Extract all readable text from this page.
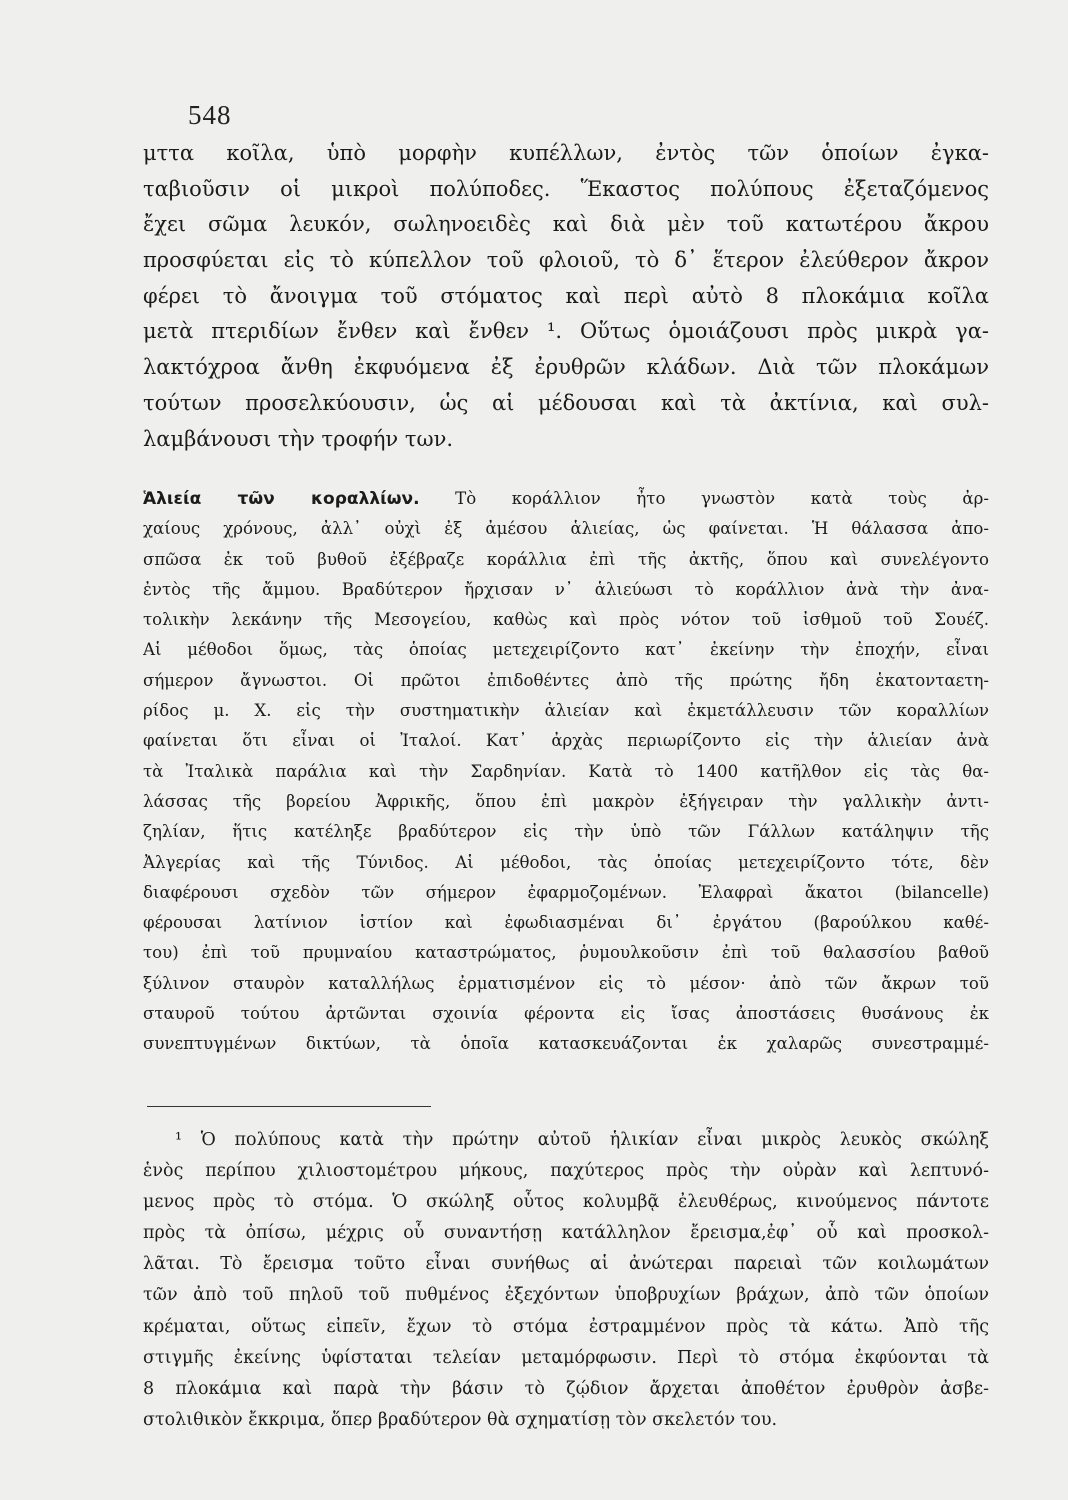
548
μττα κοῖλα, ὑπὸ μορφὴν κυπέλλων, ἐντὸς τῶν ὁποίων ἐγκα-
ταβιοῦσιν οἱ μικροὶ πολύποδες. Ἕκαστος πολύπους ἐξεταζόμενος
ἔχει σῶμα λευκόν, σωληνοειδὲς καὶ διὰ μὲν τοῦ κατωτέρου ἄκρου
προσφύεται εἰς τὸ κύπελλον τοῦ φλοιοῦ, τὸ δ᾽ ἕτερον ἐλεύθερον ἄκρον
φέρει τὸ ἄνοιγμα τοῦ στόματος καὶ περὶ αὐτὸ 8 πλοκάμια κοῖλα
μετὰ πτεριδίων ἔνθεν καὶ ἔνθεν ¹. Οὕτως ὁμοιάζουσι πρὸς μικρὰ γα-
λακτόχροα ἄνθη ἐκφυόμενα ἐξ ἐρυθρῶν κλάδων. Διὰ τῶν πλοκάμων
τούτων προσελκύουσιν, ὡς αἱ μέδουσαι καὶ τὰ ἀκτίνια, καὶ συλ-
λαμβάνουσι τὴν τροφήν των.
Ἁλιεία τῶν κοραλλίων. Τὸ κοράλλιον ἦτο γνωστὸν κατὰ τοὺς ἀρ-
χαίους χρόνους, ἀλλ᾽ οὐχὶ ἐξ ἀμέσου ἁλιείας, ὡς φαίνεται. Ἡ θάλασσα ἀπο-
σπῶσα ἐκ τοῦ βυθοῦ ἐξέβραζε κοράλλια ἐπὶ τῆς ἀκτῆς, ὅπου καὶ συνελέγοντο
ἐντὸς τῆς ἄμμου. Βραδύτερον ἤρχισαν ν᾽ ἁλιεύωσι τὸ κοράλλιον ἀνὰ τὴν ἀνα-
τολικὴν λεκάνην τῆς Μεσογείου, καθὼς καὶ πρὸς νότον τοῦ ἰσθμοῦ τοῦ Σουέζ.
Αἱ μέθοδοι ὅμως, τὰς ὁποίας μετεχειρίζοντο κατ᾽ ἐκείνην τὴν ἐποχήν, εἶναι
σήμερον ἄγνωστοι. Οἱ πρῶτοι ἐπιδοθέντες ἀπὸ τῆς πρώτης ἤδη ἑκατονταετη-
ρίδος μ. Χ. εἰς τὴν συστηματικὴν ἁλιείαν καὶ ἐκμετάλλευσιν τῶν κοραλλίων
φαίνεται ὅτι εἶναι οἱ Ἰταλοί. Κατ᾽ ἀρχὰς περιωρίζοντο εἰς τὴν ἁλιείαν ἀνὰ
τὰ Ἰταλικὰ παράλια καὶ τὴν Σαρδηνίαν. Κατὰ τὸ 1400 κατῆλθον εἰς τὰς θα-
λάσσας τῆς βορείου Ἀφρικῆς, ὅπου ἐπὶ μακρὸν ἐξήγειραν τὴν γαλλικὴν ἀντι-
ζηλίαν, ἥτις κατέληξε βραδύτερον εἰς τὴν ὑπὸ τῶν Γάλλων κατάληψιν τῆς
Ἀλγερίας καὶ τῆς Τύνιδος. Αἱ μέθοδοι, τὰς ὁποίας μετεχειρίζοντο τότε, δὲν
διαφέρουσι σχεδὸν τῶν σήμερον ἐφαρμοζομένων. Ἐλαφραὶ ἄκατοι (bilancelle)
φέρουσαι λατίνιον ἱστίον καὶ ἐφωδιασμέναι δι᾽ ἐργάτου (βαρούλκου καθέ-
του) ἐπὶ τοῦ πρυμναίου καταστρώματος, ῥυμουλκοῦσιν ἐπὶ τοῦ θαλασσίου βαθοῦ
ξύλινον σταυρὸν καταλλήλως ἐρματισμένον εἰς τὸ μέσον· ἀπὸ τῶν ἄκρων τοῦ
σταυροῦ τούτου ἀρτῶνται σχοινία φέροντα εἰς ἴσας ἀποστάσεις θυσάνους ἐκ
συνεπτυγμένων δικτύων, τὰ ὁποῖα κατασκευάζονται ἐκ χαλαρῶς συνεστραμμέ-
¹ Ὁ πολύπους κατὰ τὴν πρώτην αὐτοῦ ἡλικίαν εἶναι μικρὸς λευκὸς σκώληξ
ἑνὸς περίπου χιλιοστομέτρου μήκους, παχύτερος πρὸς τὴν οὐρὰν καὶ λεπτυνό-
μενος πρὸς τὸ στόμα. Ὁ σκώληξ οὗτος κολυμβᾷ ἐλευθέρως, κινούμενος πάντοτε
πρὸς τὰ ὀπίσω, μέχρις οὗ συναντήσῃ κατάλληλον ἔρεισμα,ἐφ᾽ οὗ καὶ προσκολ-
λᾶται. Τὸ ἔρεισμα τοῦτο εἶναι συνήθως αἱ ἀνώτεραι παρειαὶ τῶν κοιλωμάτων
τῶν ἀπὸ τοῦ πηλοῦ τοῦ πυθμένος ἐξεχόντων ὑποβρυχίων βράχων, ἀπὸ τῶν ὁποίων
κρέμαται, οὕτως εἰπεῖν, ἔχων τὸ στόμα ἐστραμμένον πρὸς τὰ κάτω. Ἀπὸ τῆς
στιγμῆς ἐκείνης ὑφίσταται τελείαν μεταμόρφωσιν. Περὶ τὸ στόμα ἐκφύονται τὰ
8 πλοκάμια καὶ παρὰ τὴν βάσιν τὸ ζῴδιον ἄρχεται ἀποθέτον ἐρυθρὸν ἀσβε-
στολιθικὸν ἔκκριμα, ὅπερ βραδύτερον θὰ σχηματίσῃ τὸν σκελετόν του.
